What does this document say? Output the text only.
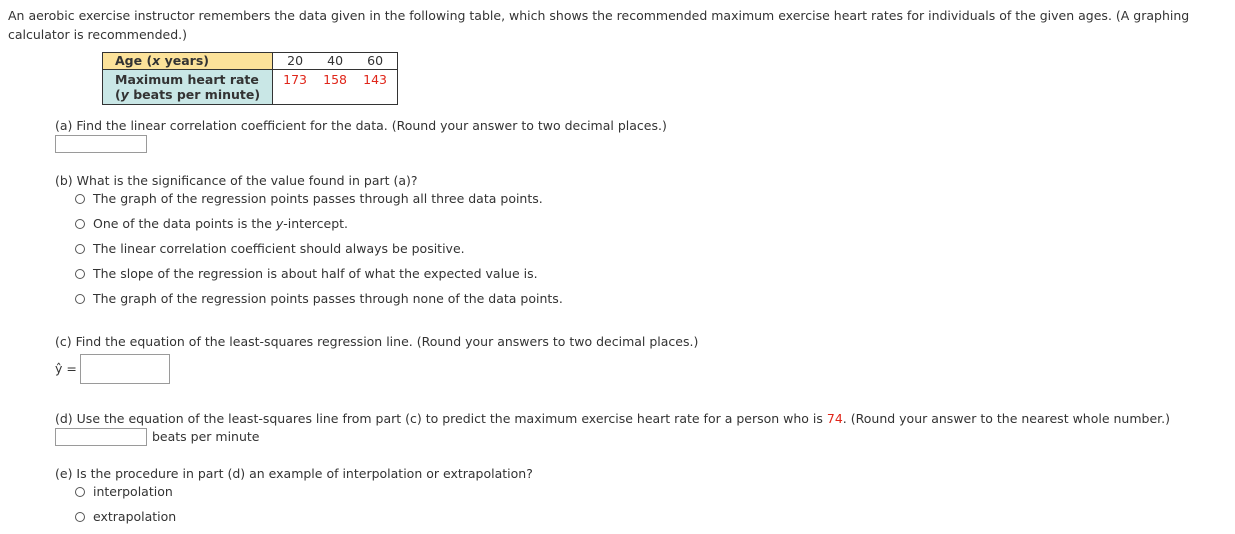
An aerobic exercise instructor remembers the data given in the following table, which shows the recommended maximum exercise heart rates for individuals of the given ages. (A graphing calculator is recommended.)
Age (x years)	20 40 60

Maximum heart rate
(y beats per minute)	173 158 143
(a) Find the linear correlation coefficient for the data. (Round your answer to two decimal places.)
(b) What is the significance of the value found in part (a)?
The graph of the regression points passes through all three data points.
One of the data points is the y-intercept.
The linear correlation coefficient should always be positive.
The slope of the regression is about half of what the expected value is.
The graph of the regression points passes through none of the data points.
(c) Find the equation of the least-squares regression line. (Round your answers to two decimal places.)
ŷ =
(d) Use the equation of the least-squares line from part (c) to predict the maximum exercise heart rate for a person who is 74. (Round your answer to the nearest whole number.)
beats per minute
(e) Is the procedure in part (d) an example of interpolation or extrapolation?
interpolation
extrapolation
